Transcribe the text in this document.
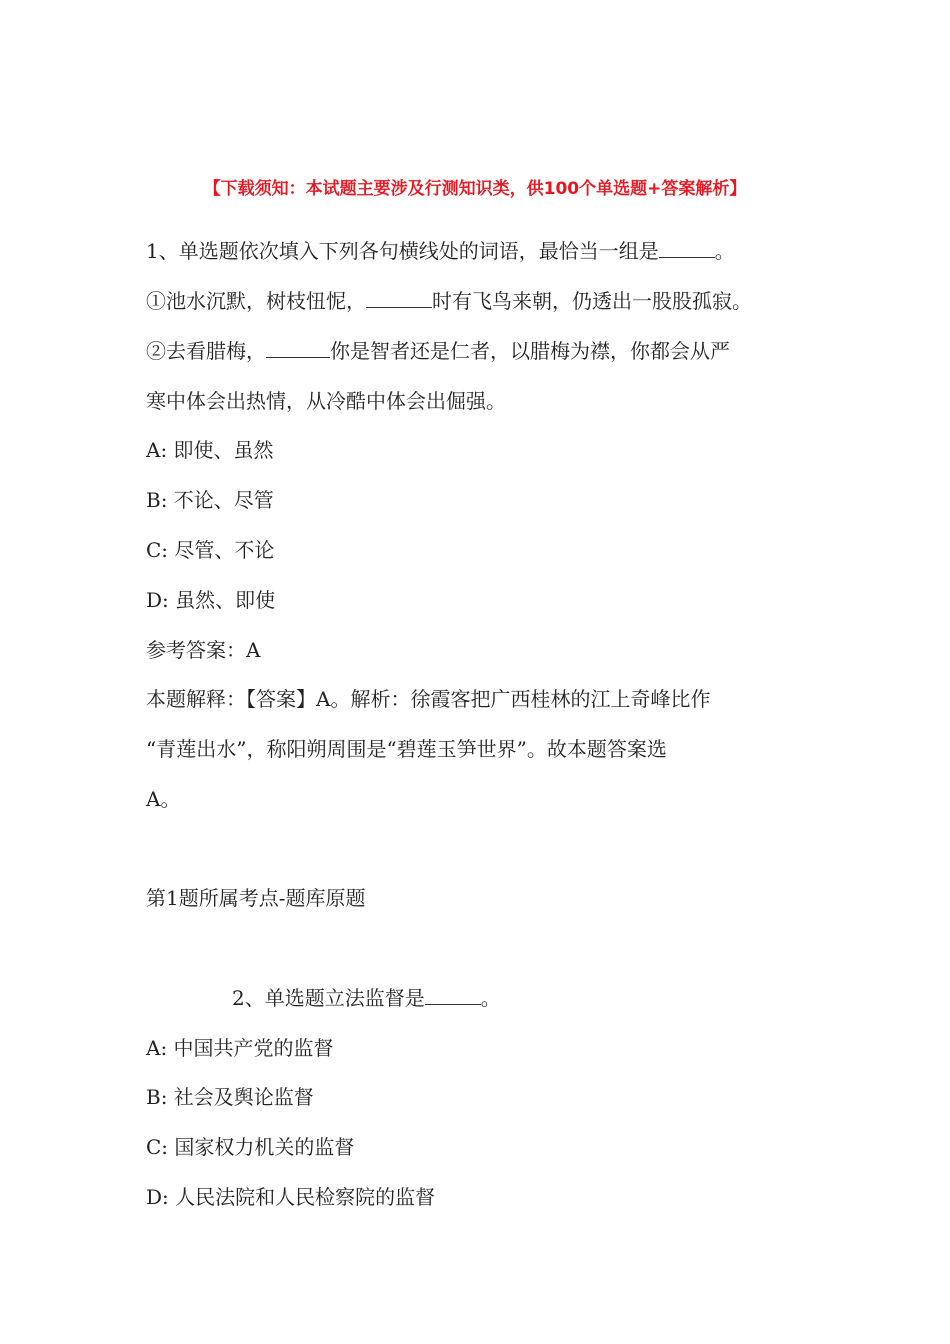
【下载须知：本试题主要涉及行测知识类，供100个单选题+答案解析】
1、单选题依次填入下列各句横线处的词语，最恰当一组是	。
①池水沉默，树枝忸怩，	时有飞鸟来朝，仍透出一股股孤寂。
②去看腊梅，	你是智者还是仁者，以腊梅为襟，你都会从严
寒中体会出热情，从冷酷中体会出倔强。
A: 即使、虽然
B: 不论、尽管
C: 尽管、不论
D: 虽然、即使
参考答案：A
本题解释：【答案】A。解析：徐霞客把广西桂林的江上奇峰比作
“青莲出水”，称阳朔周围是“碧莲玉笋世界”。故本题答案选
A。
第1题所属考点-题库原题
2、单选题立法监督是	。
A: 中国共产党的监督
B: 社会及舆论监督
C: 国家权力机关的监督
D: 人民法院和人民检察院的监督
